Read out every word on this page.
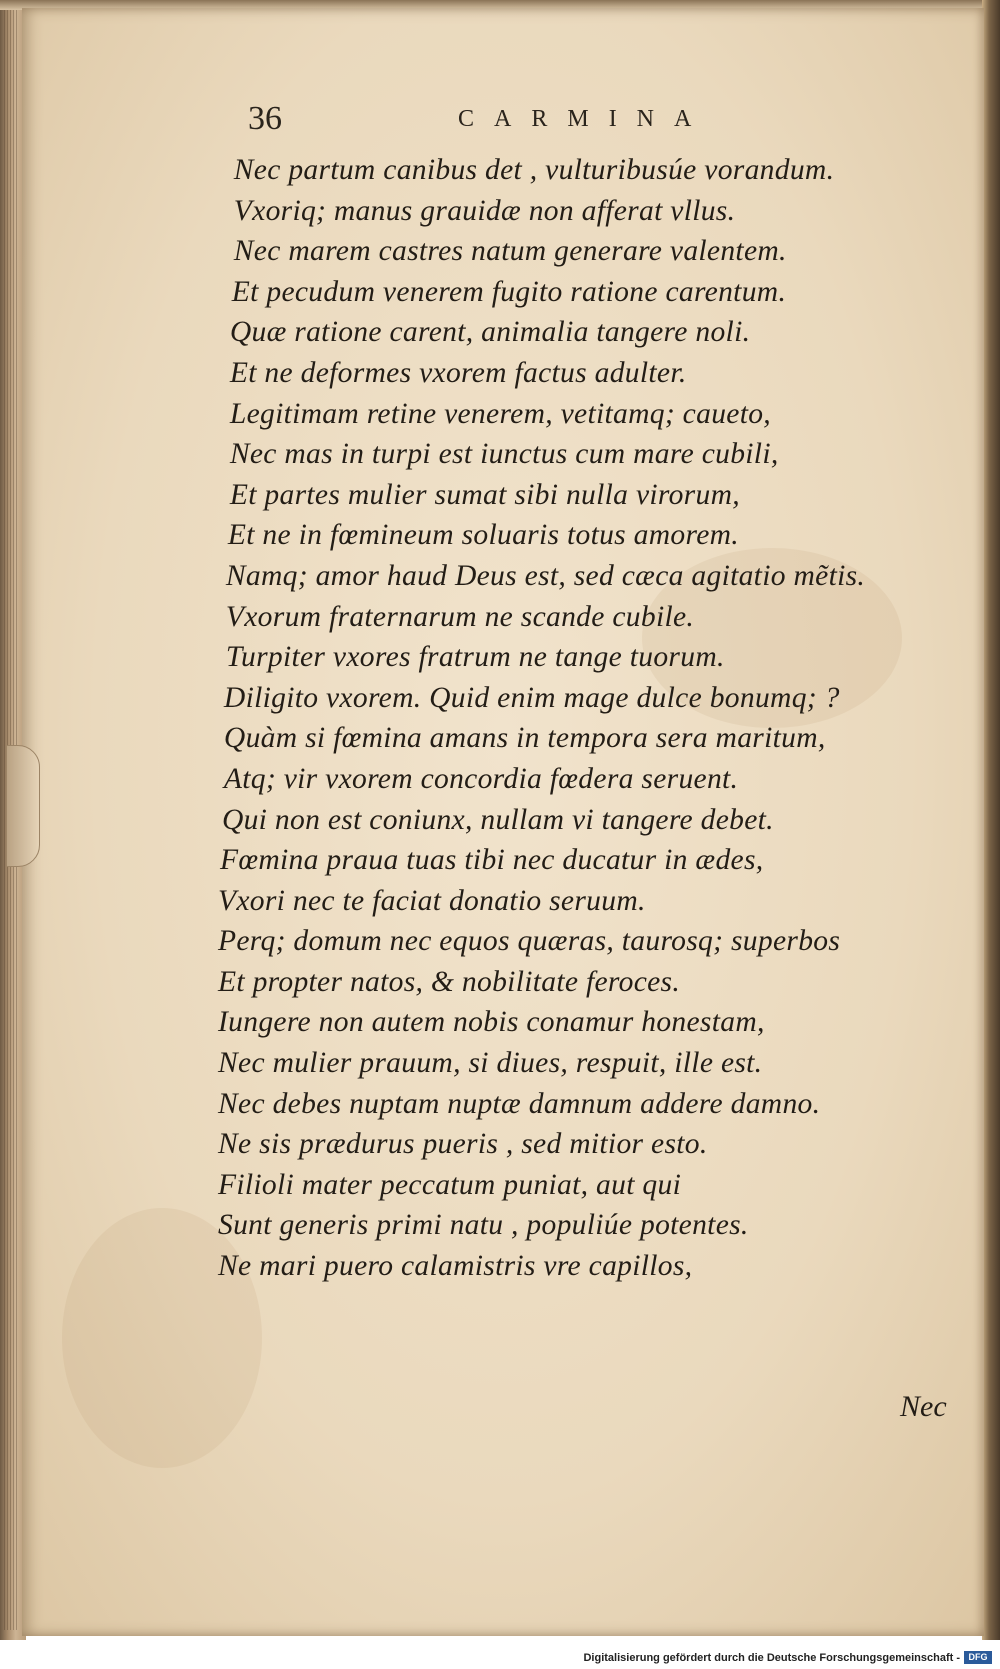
36	CARMINA
Nec partum canibus det , vulturibusúe vorandum.
Vxoriq; manus grauidæ non afferat vllus.
Nec marem castres natum generare valentem.
Et pecudum venerem fugito ratione carentum.
Quæ ratione carent, animalia tangere noli.
Et ne deformes vxorem factus adulter.
Legitimam retine venerem, vetitamq; caueto,
Nec mas in turpi est iunctus cum mare cubili,
Et partes mulier sumat sibi nulla virorum,
Et ne in fœmineum soluaris totus amorem.
Namq; amor haud Deus est, sed cæca agitatio mẽtis.
Vxorum fraternarum ne scande cubile.
Turpiter vxores fratrum ne tange tuorum.
Diligito vxorem. Quid enim mage dulce bonumq; ?
Quàm si fœmina amans in tempora sera maritum,
Atq; vir vxorem concordia fœdera seruent.
Qui non est coniunx, nullam vi tangere debet.
Fœmina praua tuas tibi nec ducatur in ædes,
Vxori nec te faciat donatio seruum.
Perq; domum nec equos quæras, taurosq; superbos
Et propter natos, & nobilitate feroces.
Iungere non autem nobis conamur honestam,
Nec mulier prauum, si diues, respuit, ille est.
Nec debes nuptam nuptæ damnum addere damno.
Ne sis prædurus pueris , sed mitior esto.
Filioli mater peccatum puniat, aut qui
Sunt generis primi natu , populiúe potentes.
Ne mari puero calamistris vre capillos,
Nec
Digitalisierung gefördert durch die Deutsche Forschungsgemeinschaft - DFG
